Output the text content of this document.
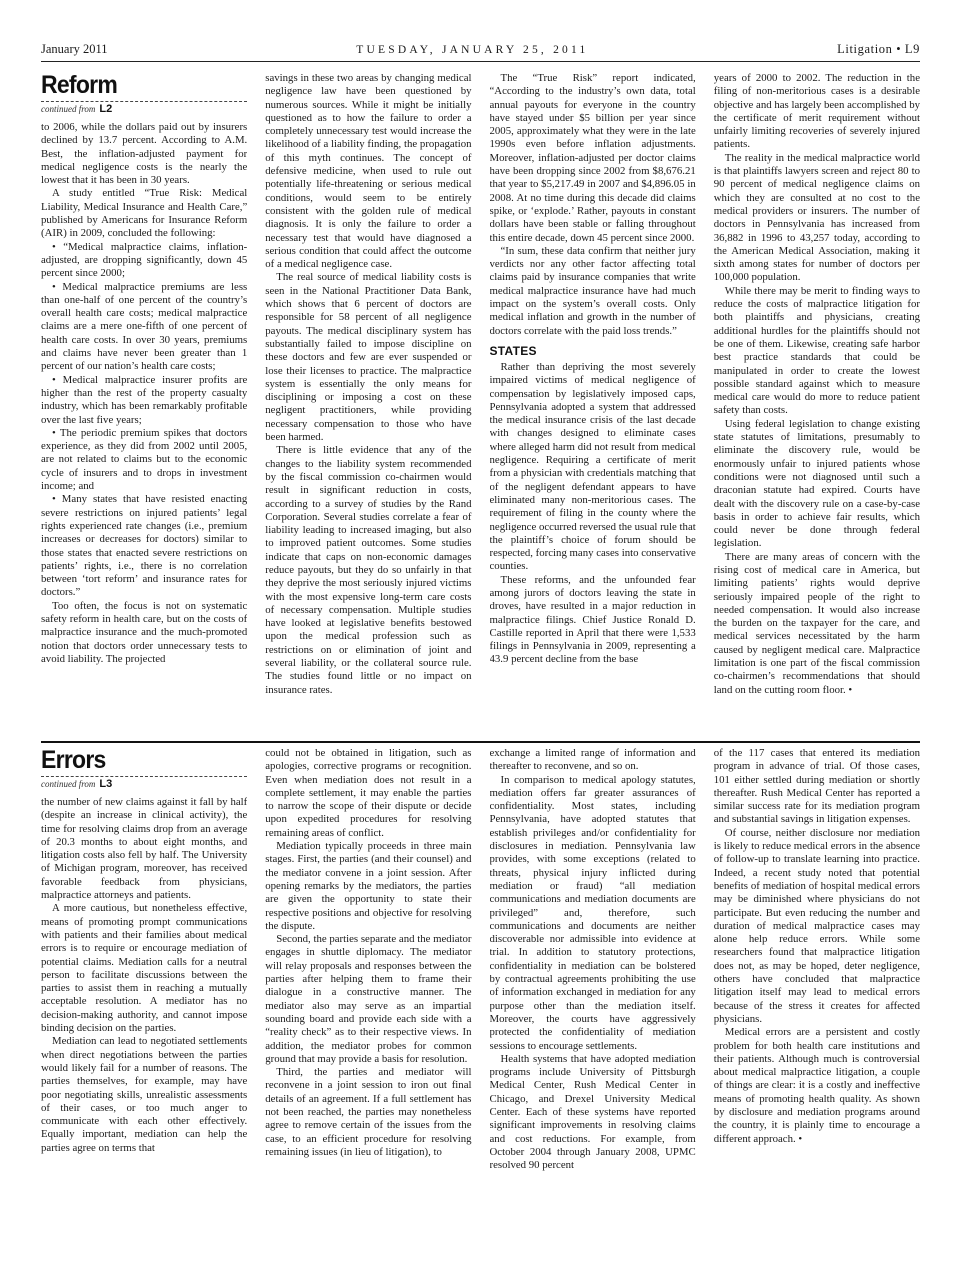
January 2011	TUESDAY, JANUARY 25, 2011	Litigation • L9
Reform
continued from L2

to 2006, while the dollars paid out by insurers declined by 13.7 percent. According to A.M. Best, the inflation-adjusted payment for medical negligence costs is the nearly the lowest that it has been in 30 years.

A study entitled “True Risk: Medical Liability, Medical Insurance and Health Care,” published by Americans for Insurance Reform (AIR) in 2009, concluded the following:

• “Medical malpractice claims, inflation-adjusted, are dropping significantly, down 45 percent since 2000;

• Medical malpractice premiums are less than one-half of one percent of the country’s overall health care costs; medical malpractice claims are a mere one-fifth of one percent of health care costs. In over 30 years, premiums and claims have never been greater than 1 percent of our nation’s health care costs;

• Medical malpractice insurer profits are higher than the rest of the property casualty industry, which has been remarkably profitable over the last five years;

• The periodic premium spikes that doctors experience, as they did from 2002 until 2005, are not related to claims but to the economic cycle of insurers and to drops in investment income; and

• Many states that have resisted enacting severe restrictions on injured patients’ legal rights experienced rate changes (i.e., premium increases or decreases for doctors) similar to those states that enacted severe restrictions on patients’ rights, i.e., there is no correlation between ‘tort reform’ and insurance rates for doctors.”

Too often, the focus is not on systematic safety reform in health care, but on the costs of malpractice insurance and the much-promoted notion that doctors order unnecessary tests to avoid liability. The projected

savings in these two areas by changing medical negligence law have been questioned by numerous sources. While it might be initially questioned as to how the failure to order a completely unnecessary test would increase the likelihood of a liability finding, the propagation of this myth continues. The concept of defensive medicine, when used to rule out potentially life-threatening or serious medical conditions, would seem to be entirely consistent with the golden rule of medical diagnosis. It is only the failure to order a necessary test that would have diagnosed a serious condition that could affect the outcome of a medical negligence case.

The real source of medical liability costs is seen in the National Practitioner Data Bank, which shows that 6 percent of doctors are responsible for 58 percent of all negligence payouts. The medical disciplinary system has substantially failed to impose discipline on these doctors and few are ever suspended or lose their licenses to practice. The malpractice system is essentially the only means for disciplining or imposing a cost on these negligent practitioners, while providing necessary compensation to those who have been harmed.

There is little evidence that any of the changes to the liability system recommended by the fiscal commission co-chairmen would result in significant reduction in costs, according to a survey of studies by the Rand Corporation. Several studies correlate a fear of liability leading to increased imaging, but also to improved patient outcomes. Some studies indicate that caps on non-economic damages reduce payouts, but they do so unfairly in that they deprive the most seriously injured victims with the most expensive long-term care costs of necessary compensation. Multiple studies have looked at legislative benefits bestowed upon the medical profession such as restrictions on or elimination of joint and several liability, or the collateral source rule. The studies found little or no impact on insurance rates.

The “True Risk” report indicated, “According to the industry’s own data, total annual payouts for everyone in the country have stayed under $5 billion per year since 2005, approximately what they were in the late 1990s even before inflation adjustments. Moreover, inflation-adjusted per doctor claims have been dropping since 2002 from $8,676.21 that year to $5,217.49 in 2007 and $4,896.05 in 2008. At no time during this decade did claims spike, or ‘explode.’ Rather, payouts in constant dollars have been stable or falling throughout this entire decade, down 45 percent since 2000.

“In sum, these data confirm that neither jury verdicts nor any other factor affecting total claims paid by insurance companies that write medical malpractice insurance have had much impact on the system’s overall costs. Only medical inflation and growth in the number of doctors correlate with the paid loss trends.”

STATES

Rather than depriving the most severely impaired victims of medical negligence of compensation by legislatively imposed caps, Pennsylvania adopted a system that addressed the medical insurance crisis of the last decade with changes designed to eliminate cases where alleged harm did not result from medical negligence. Requiring a certificate of merit from a physician with credentials matching that of the negligent defendant appears to have eliminated many non-meritorious cases. The requirement of filing in the county where the negligence occurred reversed the usual rule that the plaintiff’s choice of forum should be respected, forcing many cases into conservative counties.

These reforms, and the unfounded fear among jurors of doctors leaving the state in droves, have resulted in a major reduction in malpractice filings. Chief Justice Ronald D. Castille reported in April that there were 1,533 filings in Pennsylvania in 2009, representing a 43.9 percent decline from the base

years of 2000 to 2002. The reduction in the filing of non-meritorious cases is a desirable objective and has largely been accomplished by the certificate of merit requirement without unfairly limiting recoveries of severely injured patients.

The reality in the medical malpractice world is that plaintiffs lawyers screen and reject 80 to 90 percent of medical negligence claims on which they are consulted at no cost to the medical providers or insurers. The number of doctors in Pennsylvania has increased from 36,882 in 1996 to 43,257 today, according to the American Medical Association, making it sixth among states for number of doctors per 100,000 population.

While there may be merit to finding ways to reduce the costs of malpractice litigation for both plaintiffs and physicians, creating additional hurdles for the plaintiffs should not be one of them. Likewise, creating safe harbor best practice standards that could be manipulated in order to create the lowest possible standard against which to measure medical care would do more to reduce patient safety than costs.

Using federal legislation to change existing state statutes of limitations, presumably to eliminate the discovery rule, would be enormously unfair to injured patients whose conditions were not diagnosed until such a draconian statute had expired. Courts have dealt with the discovery rule on a case-by-case basis in order to achieve fair results, which could never be done through federal legislation.

There are many areas of concern with the rising cost of medical care in America, but limiting patients’ rights would deprive seriously impaired people of the right to needed compensation. It would also increase the burden on the taxpayer for the care, and medical services necessitated by the harm caused by negligent medical care. Malpractice limitation is one part of the fiscal commission co-chairmen’s recommendations that should land on the cutting room floor. •

Errors
continued from L3

the number of new claims against it fall by half (despite an increase in clinical activity), the time for resolving claims drop from an average of 20.3 months to about eight months, and litigation costs also fell by half. The University of Michigan program, moreover, has received favorable feedback from physicians, malpractice attorneys and patients.

A more cautious, but nonetheless effective, means of promoting prompt communications with patients and their families about medical errors is to require or encourage mediation of potential claims. Mediation calls for a neutral person to facilitate discussions between the parties to assist them in reaching a mutually acceptable resolution. A mediator has no decision-making authority, and cannot impose binding decision on the parties.

Mediation can lead to negotiated settlements when direct negotiations between the parties would likely fail for a number of reasons. The parties themselves, for example, may have poor negotiating skills, unrealistic assessments of their cases, or too much anger to communicate with each other effectively. Equally important, mediation can help the parties agree on terms that

could not be obtained in litigation, such as apologies, corrective programs or recognition. Even when mediation does not result in a complete settlement, it may enable the parties to narrow the scope of their dispute or decide upon expedited procedures for resolving remaining areas of conflict.

Mediation typically proceeds in three main stages. First, the parties (and their counsel) and the mediator convene in a joint session. After opening remarks by the mediators, the parties are given the opportunity to state their respective positions and objective for resolving the dispute.

Second, the parties separate and the mediator engages in shuttle diplomacy. The mediator will relay proposals and responses between the parties after helping them to frame their dialogue in a constructive manner. The mediator also may serve as an impartial sounding board and provide each side with a “reality check” as to their respective views. In addition, the mediator probes for common ground that may provide a basis for resolution.

Third, the parties and mediator will reconvene in a joint session to iron out final details of an agreement. If a full settlement has not been reached, the parties may nonetheless agree to remove certain of the issues from the case, to an efficient procedure for resolving remaining issues (in lieu of litigation), to

exchange a limited range of information and thereafter to reconvene, and so on.

In comparison to medical apology statutes, mediation offers far greater assurances of confidentiality. Most states, including Pennsylvania, have adopted statutes that establish privileges and/or confidentiality for disclosures in mediation. Pennsylvania law provides, with some exceptions (related to threats, physical injury inflicted during mediation or fraud) “all mediation communications and mediation documents are privileged” and, therefore, such communications and documents are neither discoverable nor admissible into evidence at trial. In addition to statutory protections, confidentiality in mediation can be bolstered by contractual agreements prohibiting the use of information exchanged in mediation for any purpose other than the mediation itself. Moreover, the courts have aggressively protected the confidentiality of mediation sessions to encourage settlements.

Health systems that have adopted mediation programs include University of Pittsburgh Medical Center, Rush Medical Center in Chicago, and Drexel University Medical Center. Each of these systems have reported significant improvements in resolving claims and cost reductions. For example, from October 2004 through January 2008, UPMC resolved 90 percent

of the 117 cases that entered its mediation program in advance of trial. Of those cases, 101 either settled during mediation or shortly thereafter. Rush Medical Center has reported a similar success rate for its mediation program and substantial savings in litigation expenses.

Of course, neither disclosure nor mediation is likely to reduce medical errors in the absence of follow-up to translate learning into practice. Indeed, a recent study noted that potential benefits of mediation of hospital medical errors may be diminished where physicians do not participate. But even reducing the number and duration of medical malpractice cases may alone help reduce errors. While some researchers found that malpractice litigation does not, as may be hoped, deter negligence, others have concluded that malpractice litigation itself may lead to medical errors because of the stress it creates for affected physicians.

Medical errors are a persistent and costly problem for both health care institutions and their patients. Although much is controversial about medical malpractice litigation, a couple of things are clear: it is a costly and ineffective means of promoting health quality. As shown by disclosure and mediation programs around the country, it is plainly time to encourage a different approach. •
